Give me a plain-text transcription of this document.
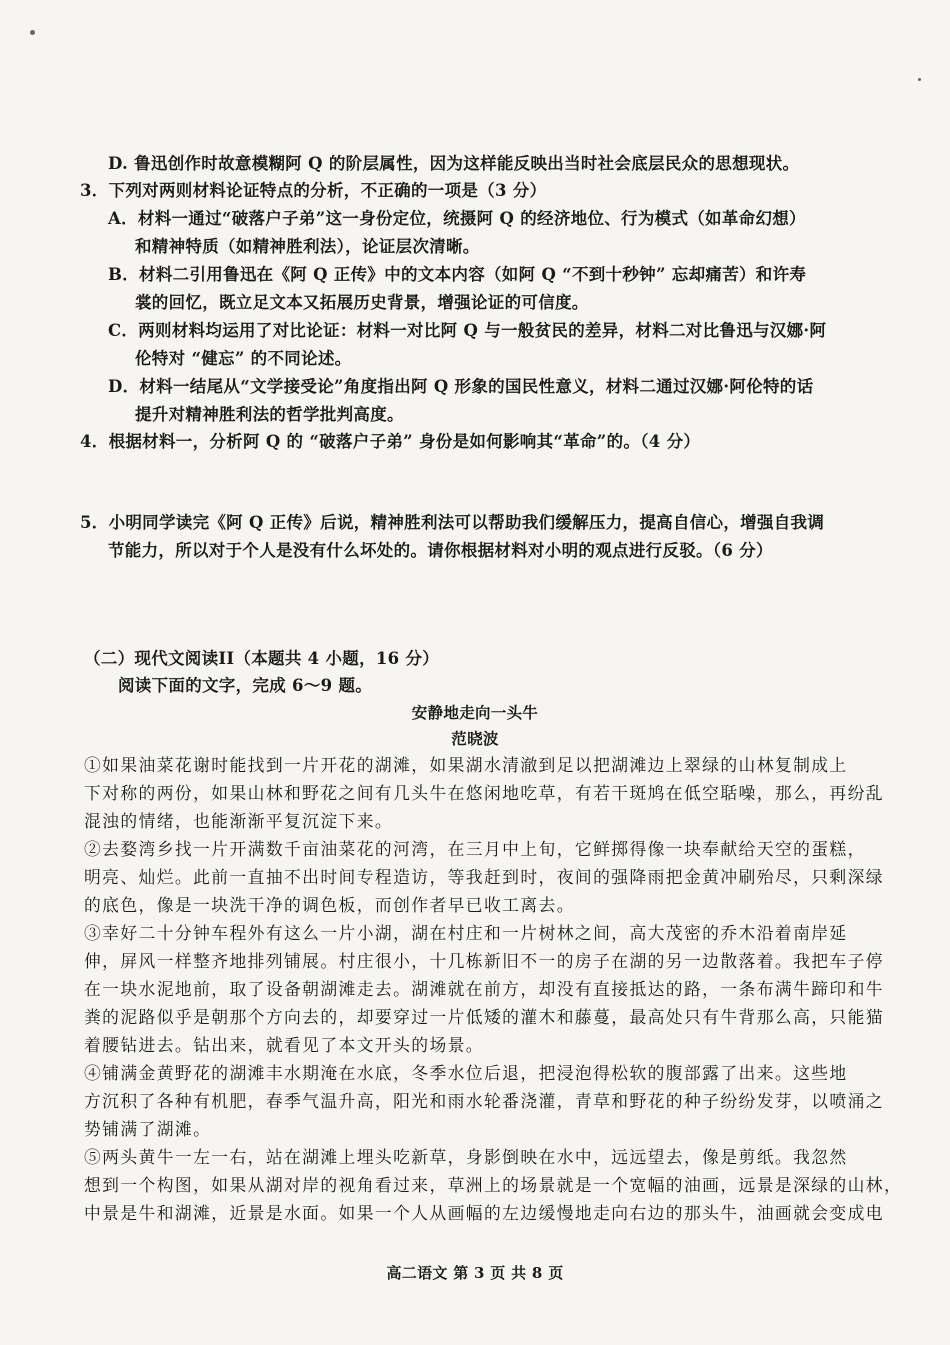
D. 鲁迅创作时故意模糊阿 Q 的阶层属性，因为这样能反映出当时社会底层民众的思想现状。
3．下列对两则材料论证特点的分析，不正确的一项是（3 分）
A．材料一通过“破落户子弟”这一身份定位，统摄阿 Q 的经济地位、行为模式（如革命幻想）
和精神特质（如精神胜利法），论证层次清晰。
B．材料二引用鲁迅在《阿 Q 正传》中的文本内容（如阿 Q “不到十秒钟” 忘却痛苦）和许寿
裳的回忆，既立足文本又拓展历史背景，增强论证的可信度。
C．两则材料均运用了对比论证：材料一对比阿 Q 与一般贫民的差异，材料二对比鲁迅与汉娜·阿
伦特对 “健忘” 的不同论述。
D．材料一结尾从“文学接受论”角度指出阿 Q 形象的国民性意义，材料二通过汉娜·阿伦特的话
提升对精神胜利法的哲学批判高度。
4．根据材料一，分析阿 Q 的 “破落户子弟” 身份是如何影响其“革命”的。（4 分）
5．小明同学读完《阿 Q 正传》后说，精神胜利法可以帮助我们缓解压力，提高自信心，增强自我调
节能力，所以对于个人是没有什么坏处的。请你根据材料对小明的观点进行反驳。（6 分）
（二）现代文阅读II（本题共 4 小题，16 分）
阅读下面的文字，完成 6～9 题。
安静地走向一头牛
范晓波
①如果油菜花谢时能找到一片开花的湖滩，如果湖水清澈到足以把湖滩边上翠绿的山林复制成上
下对称的两份，如果山林和野花之间有几头牛在悠闲地吃草，有若干斑鸠在低空聒噪，那么，再纷乱
混浊的情绪，也能渐渐平复沉淀下来。
②去婺湾乡找一片开满数千亩油菜花的河湾，在三月中上旬，它鲜掷得像一块奉献给天空的蛋糕，
明亮、灿烂。此前一直抽不出时间专程造访，等我赶到时，夜间的强降雨把金黄冲刷殆尽，只剩深绿
的底色，像是一块洗干净的调色板，而创作者早已收工离去。
③幸好二十分钟车程外有这么一片小湖，湖在村庄和一片树林之间，高大茂密的乔木沿着南岸延
伸，屏风一样整齐地排列铺展。村庄很小，十几栋新旧不一的房子在湖的另一边散落着。我把车子停
在一块水泥地前，取了设备朝湖滩走去。湖滩就在前方，却没有直接抵达的路，一条布满牛蹄印和牛
粪的泥路似乎是朝那个方向去的，却要穿过一片低矮的灌木和藤蔓，最高处只有牛背那么高，只能猫
着腰钻进去。钻出来，就看见了本文开头的场景。
④铺满金黄野花的湖滩丰水期淹在水底，冬季水位后退，把浸泡得松软的腹部露了出来。这些地
方沉积了各种有机肥，春季气温升高，阳光和雨水轮番浇灌，青草和野花的种子纷纷发芽，以喷涌之
势铺满了湖滩。
⑤两头黄牛一左一右，站在湖滩上埋头吃新草，身影倒映在水中，远远望去，像是剪纸。我忽然
想到一个构图，如果从湖对岸的视角看过来，草洲上的场景就是一个宽幅的油画，远景是深绿的山林，
中景是牛和湖滩，近景是水面。如果一个人从画幅的左边缓慢地走向右边的那头牛，油画就会变成电
高二语文 第 3 页 共 8 页
